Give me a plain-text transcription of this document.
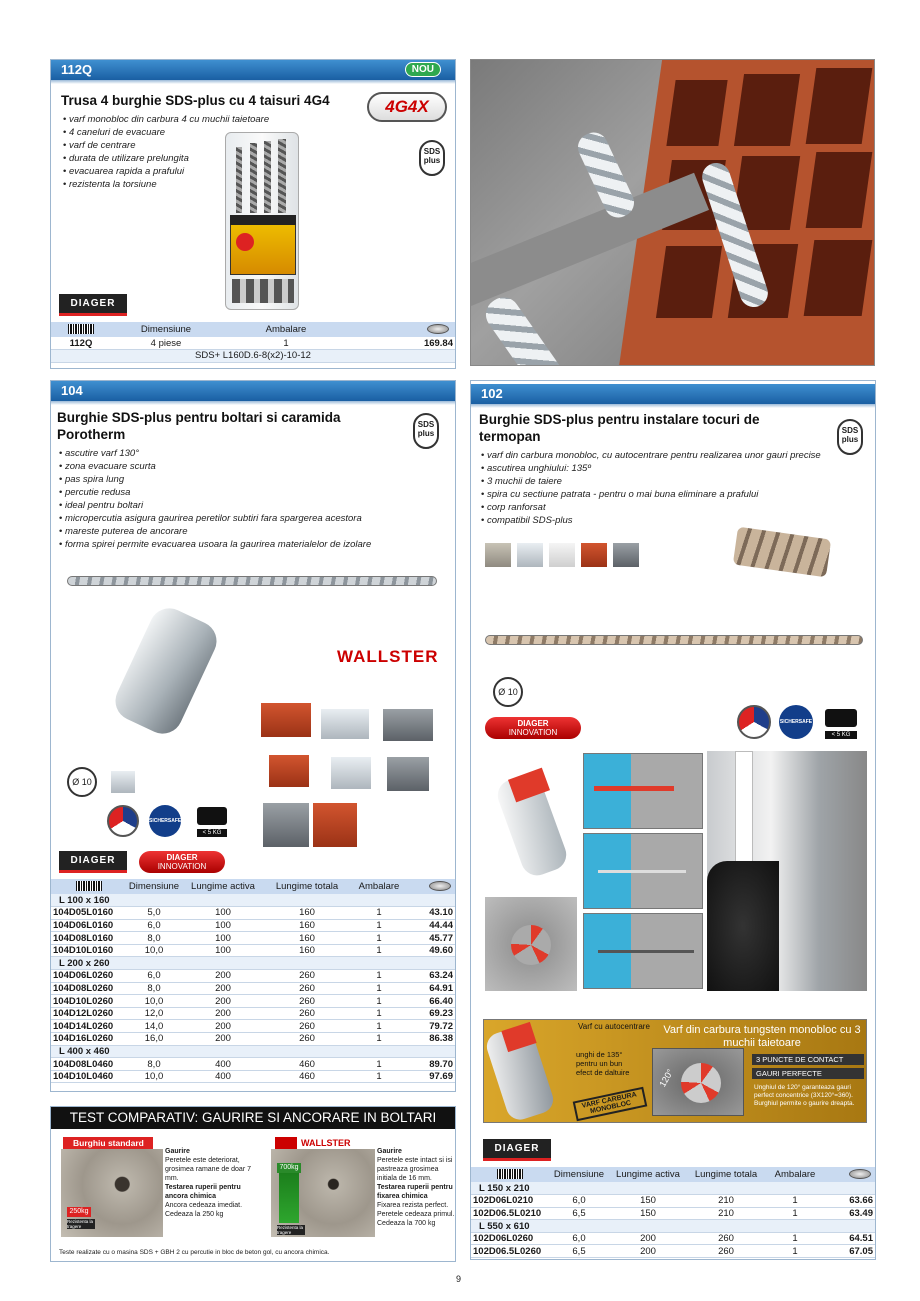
112Q	NOU
Trusa 4 burghie SDS-plus cu 4 taisuri 4G4	4G4X
• varf monobloc din carbura 4 cu muchii taietoare
• 4 caneluri de evacuare
• varf de centrare
• durata de utilizare prelungita
• evacuarea rapida a prafului
• rezistenta la torsiune
SDS
plus
DIAGER
	Dimensiune	Ambalare	
112Q	4 piese	1	169.84
SDS+ L160D.6-8(x2)-10-12			
104
Burghie SDS-plus pentru boltari si caramida Porotherm
SDS
plus
• ascutire varf 130°
• zona evacuare scurta
• pas spira lung
• percutie redusa
• ideal pentru boltari
• micropercutia asigura gaurirea peretilor subtiri fara spargerea acestora
• mareste puterea de ancorare
• forma spirei permite evacuarea usoara la gaurirea materialelor de izolare
WALLSTER
Ø 10
SICHERSAFE
< 5 KG
DIAGER	DIAGER
INNOVATION
	Dimensiune	Lungime activa	Lungime totala	Ambalare	
L 100 x 160					
104D05L0160	5,0	100	160	1	43.10
104D06L0160	6,0	100	160	1	44.44
104D08L0160	8,0	100	160	1	45.77
104D10L0160	10,0	100	160	1	49.60
L 200 x 260					
104D06L0260	6,0	200	260	1	63.24
104D08L0260	8,0	200	260	1	64.91
104D10L0260	10,0	200	260	1	66.40
104D12L0260	12,0	200	260	1	69.23
104D14L0260	14,0	200	260	1	79.72
104D16L0260	16,0	200	260	1	86.38
L 400 x 460					
104D08L0460	8,0	400	460	1	89.70
104D10L0460	10,0	400	460	1	97.69
TEST COMPARATIV: GAURIRE SI ANCORARE IN BOLTARI
Burghiu standard
250kg
Rezistenta la tragere
Gaurire
Peretele este deteriorat, grosimea ramane de doar 7 mm.
Testarea ruperii pentru ancora chimica
Ancora cedeaza imediat. Cedeaza la 250 kg
WALLSTER
700kg
Rezistenta la tragere
Gaurire
Peretele este intact si isi pastreaza grosimea initiala de 16 mm.
Testarea ruperii pentru fixarea chimica
Fixarea rezista perfect. Peretele cedeaza primul. Cedeaza la 700 kg
Teste realizate cu o masina SDS + GBH 2 cu percutie in bloc de beton gol, cu ancora chimica.
102
Burghie SDS-plus pentru instalare tocuri de termopan	SDS
plus
• varf din carbura monobloc, cu autocentrare pentru realizarea unor gauri precise
• ascutirea unghiului: 135º
• 3 muchii de taiere
• spira cu sectiune patrata - pentru o mai buna eliminare a prafului
• corp ranforsat
• compatibil SDS-plus
Ø 10
SICHERSAFE
< 5 KG
DIAGER
INNOVATION
Varf cu autocentrare
unghi de 135° pentru un bun efect de daltuire
VARF CARBURA MONOBLOC
120°
Varf din carbura tungsten monobloc cu 3 muchii taietoare
3 PUNCTE DE CONTACT
GAURI PERFECTE
Unghiul de 120° garanteaza gauri perfect concentrice (3X120°=360). Burghiul permite o gaurire dreapta.
DIAGER
	Dimensiune	Lungime activa	Lungime totala	Ambalare	
L 150 x 210					
102D06L0210	6,0	150	210	1	63.66
102D06.5L0210	6,5	150	210	1	63.49
L 550 x 610					
102D06L0260	6,0	200	260	1	64.51
102D06.5L0260	6,5	200	260	1	67.05
9
